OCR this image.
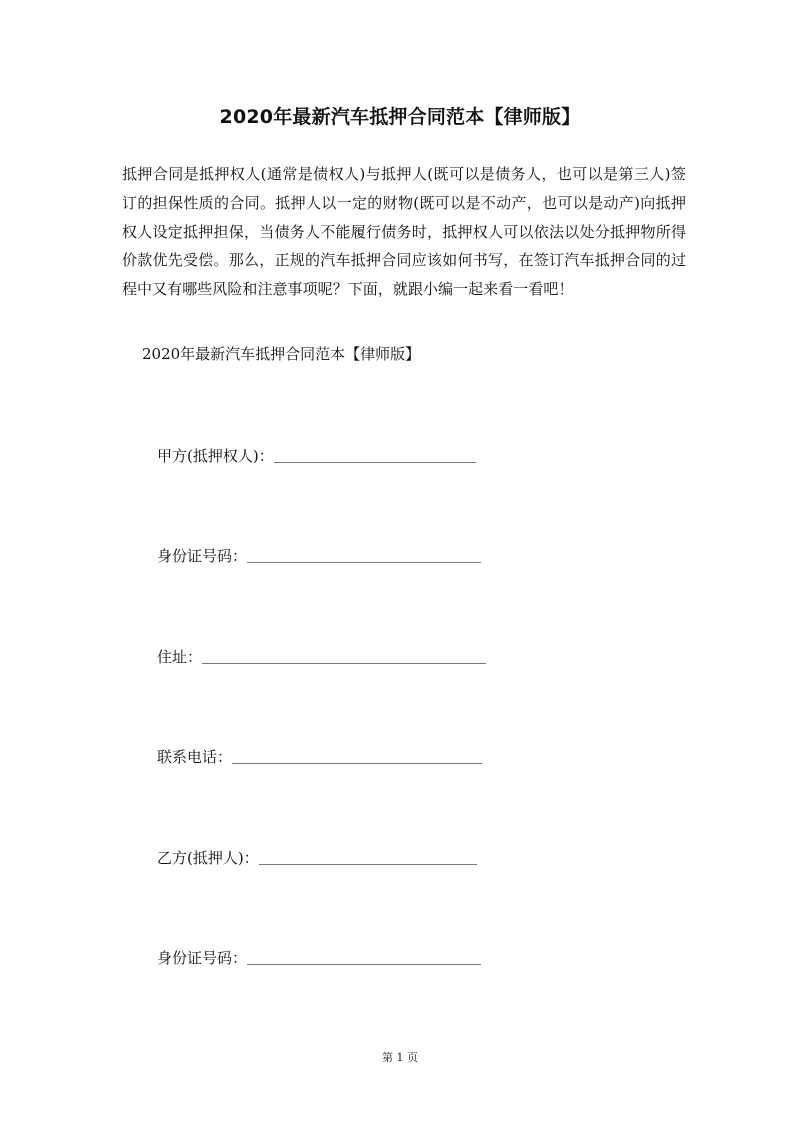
2020年最新汽车抵押合同范本【律师版】
抵押合同是抵押权人(通常是债权人)与抵押人(既可以是债务人，也可以是第三人)签订的担保性质的合同。抵押人以一定的财物(既可以是不动产，也可以是动产)向抵押权人设定抵押担保，当债务人不能履行债务时，抵押权人可以依法以处分抵押物所得价款优先受偿。那么，正规的汽车抵押合同应该如何书写，在签订汽车抵押合同的过程中又有哪些风险和注意事项呢？下面，就跟小编一起来看一看吧！
2020年最新汽车抵押合同范本【律师版】
甲方(抵押权人)：
身份证号码：
住址：
联系电话：
乙方(抵押人)：
身份证号码：
第 1 页
